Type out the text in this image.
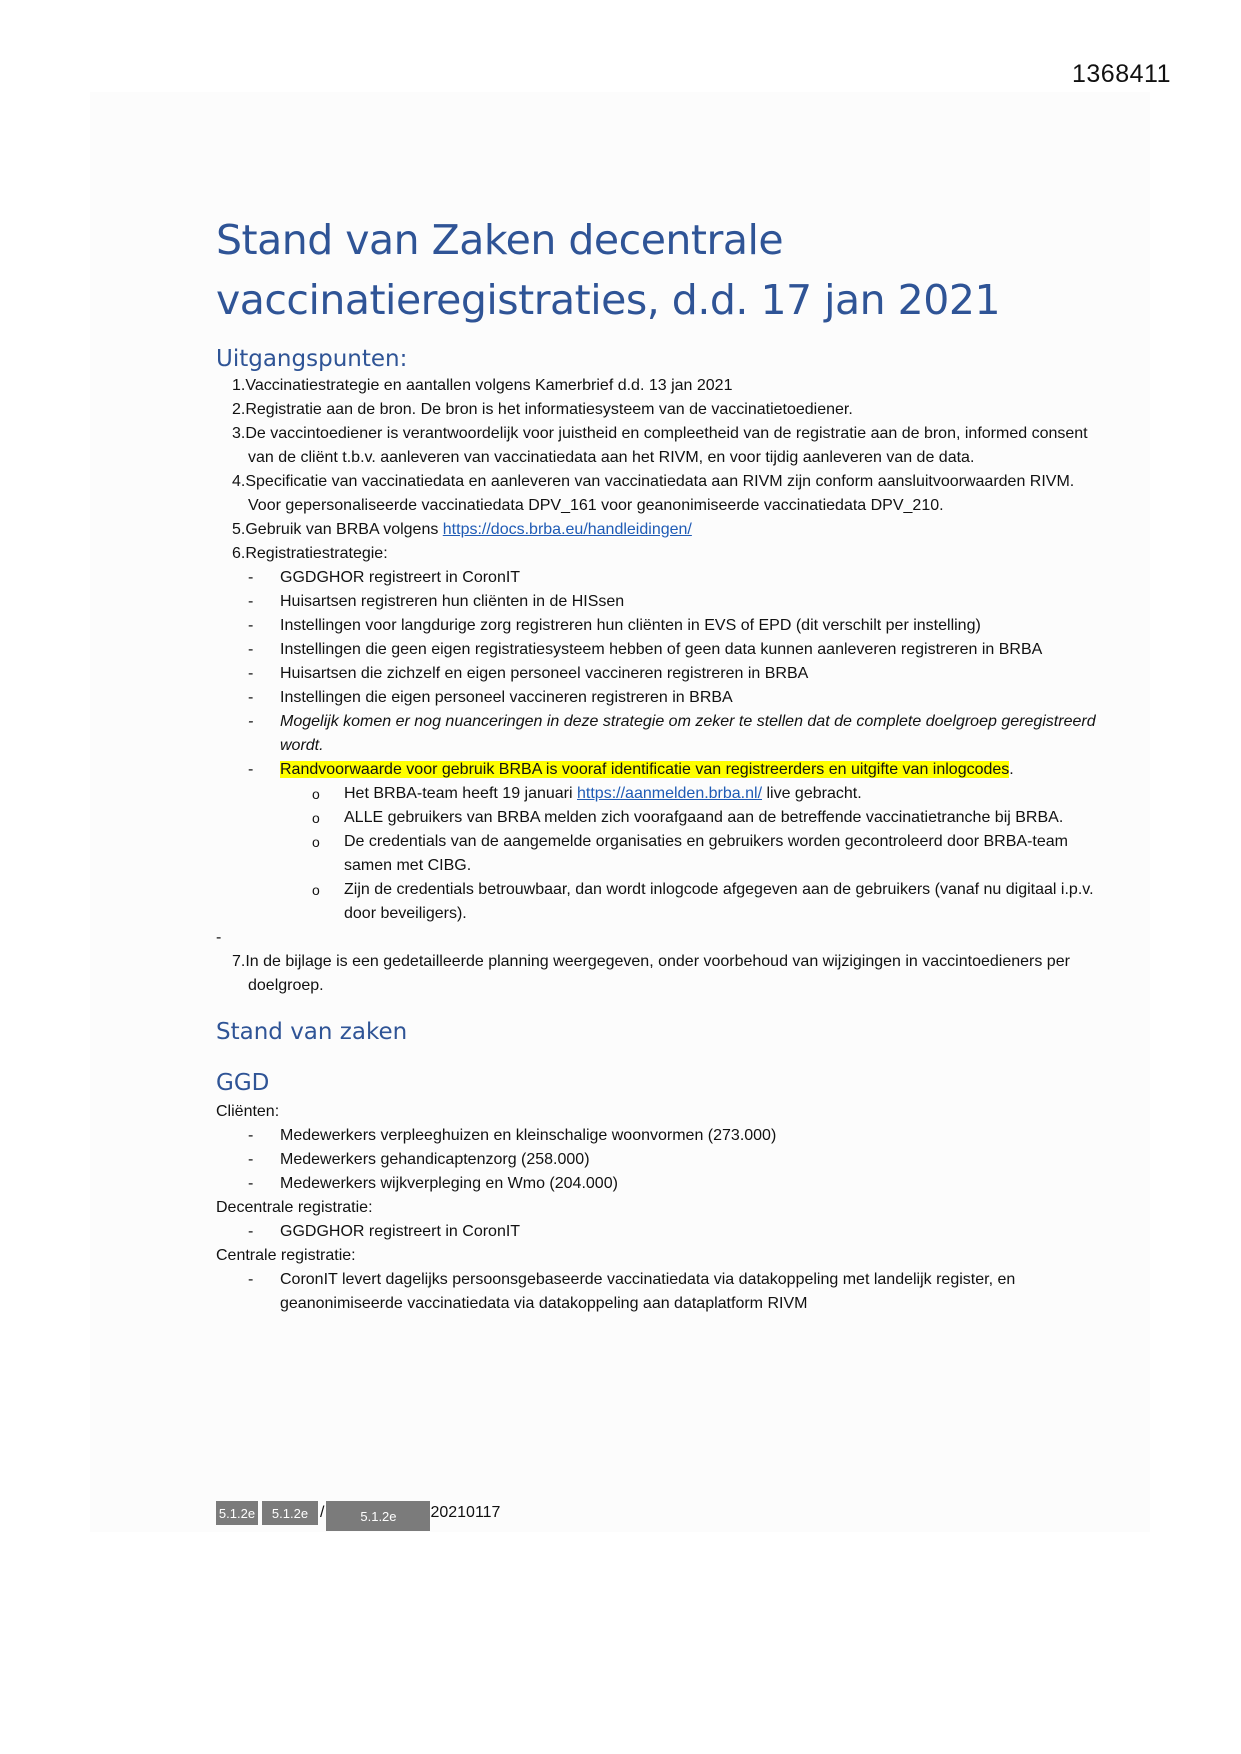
1368411
Stand van Zaken decentrale
vaccinatieregistraties, d.d. 17 jan 2021
Uitgangspunten:
1.Vaccinatiestrategie en aantallen volgens Kamerbrief d.d. 13 jan 2021
2.Registratie aan de bron. De bron is het informatiesysteem van de vaccinatietoediener.
3.De vaccintoediener is verantwoordelijk voor juistheid en compleetheid van de registratie aan de bron, informed consent van de cliënt t.b.v. aanleveren van vaccinatiedata aan het RIVM, en voor tijdig aanleveren van de data.
4.Specificatie van vaccinatiedata en aanleveren van vaccinatiedata aan RIVM zijn conform aansluitvoorwaarden RIVM. Voor gepersonaliseerde vaccinatiedata DPV_161 voor geanonimiseerde vaccinatiedata DPV_210.
5.Gebruik van BRBA volgens https://docs.brba.eu/handleidingen/
6.Registratiestrategie:
- GGDGHOR registreert in CoronIT
- Huisartsen registreren hun cliënten in de HISsen
- Instellingen voor langdurige zorg registreren hun cliënten in EVS of EPD (dit verschilt per instelling)
- Instellingen die geen eigen registratiesysteem hebben of geen data kunnen aanleveren registreren in BRBA
- Huisartsen die zichzelf en eigen personeel vaccineren registreren in BRBA
- Instellingen die eigen personeel vaccineren registreren in BRBA
- Mogelijk komen er nog nuanceringen in deze strategie om zeker te stellen dat de complete doelgroep geregistreerd wordt.
- Randvoorwaarde voor gebruik BRBA is vooraf identificatie van registreerders en uitgifte van inlogcodes.
o Het BRBA-team heeft 19 januari https://aanmelden.brba.nl/ live gebracht.
o ALLE gebruikers van BRBA melden zich voorafgaand aan de betreffende vaccinatietranche bij BRBA.
o De credentials van de aangemelde organisaties en gebruikers worden gecontroleerd door BRBA-team samen met CIBG.
o Zijn de credentials betrouwbaar, dan wordt inlogcode afgegeven aan de gebruikers (vanaf nu digitaal i.p.v. door beveiligers).
-
7.In de bijlage is een gedetailleerde planning weergegeven, onder voorbehoud van wijzigingen in vaccintoedieners per doelgroep.
Stand van zaken
GGD

Cliënten:

- Medewerkers verpleeghuizen en kleinschalige woonvormen (273.000)
- Medewerkers gehandicaptenzorg (258.000)
- Medewerkers wijkverpleging en Wmo (204.000)

Decentrale registratie:

- GGDGHOR registreert in CoronIT

Centrale registratie:

- CoronIT levert dagelijks persoonsgebaseerde vaccinatiedata via datakoppeling met landelijk register, en geanonimiseerde vaccinatiedata via datakoppeling aan dataplatform RIVM
5.1.2e	5.1.2e /	5.1.2e	20210117
